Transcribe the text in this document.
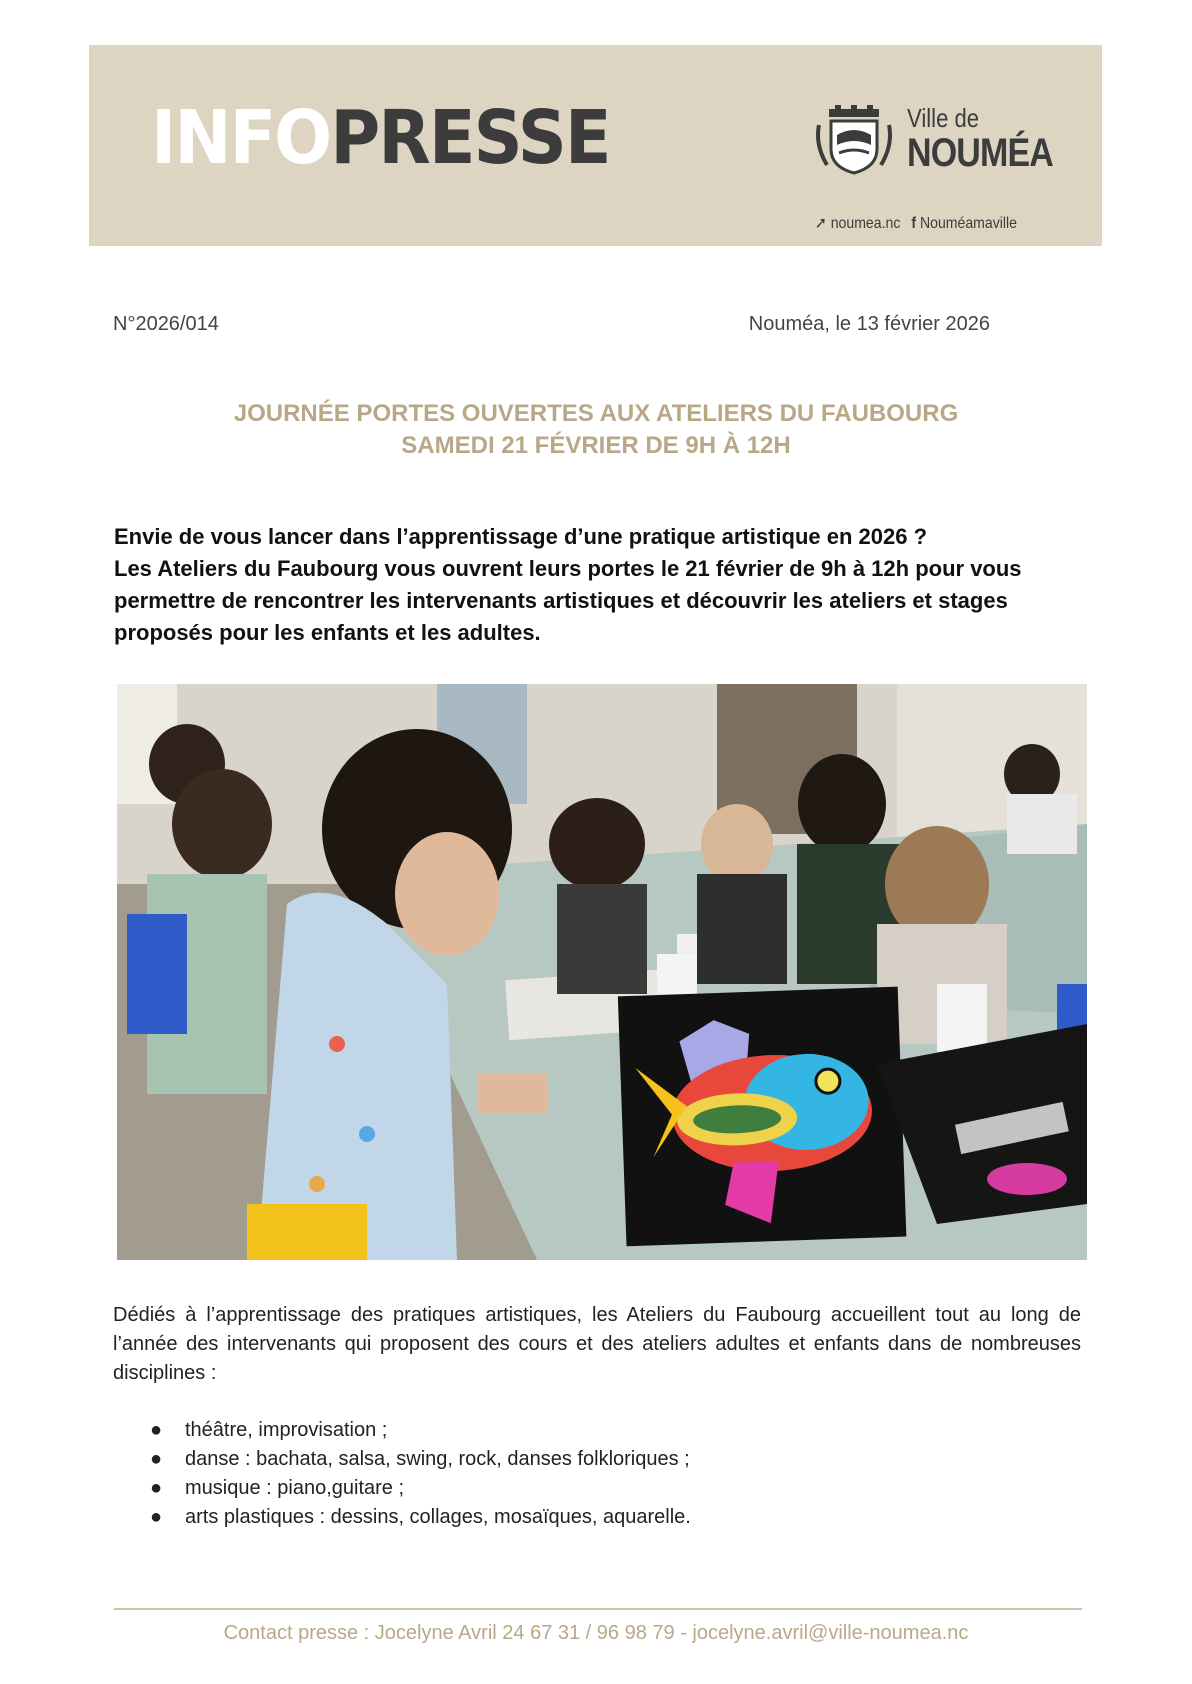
INFOPRESSE	Ville de
NOUMÉA
➚ noumea.nc f Nouméamaville
N°2026/014	Nouméa, le 13 février 2026
JOURNÉE PORTES OUVERTES AUX ATELIERS DU FAUBOURG
SAMEDI 21 FÉVRIER DE 9H À 12H
Envie de vous lancer dans l’apprentissage d’une pratique artistique en 2026 ?
Les Ateliers du Faubourg vous ouvrent leurs portes le 21 février de 9h à 12h pour vous permettre de rencontrer les intervenants artistiques et découvrir les ateliers et stages proposés pour les enfants et les adultes.
Dédiés à l’apprentissage des pratiques artistiques, les Ateliers du Faubourg accueillent tout au long de l’année des intervenants qui proposent des cours et des ateliers adultes et enfants dans de nombreuses disciplines :
● théâtre, improvisation ;
● danse : bachata, salsa, swing, rock, danses folkloriques ;
● musique : piano,guitare ;
● arts plastiques : dessins, collages, mosaïques, aquarelle.
Contact presse : Jocelyne Avril 24 67 31 / 96 98 79 - jocelyne.avril@ville-noumea.nc
